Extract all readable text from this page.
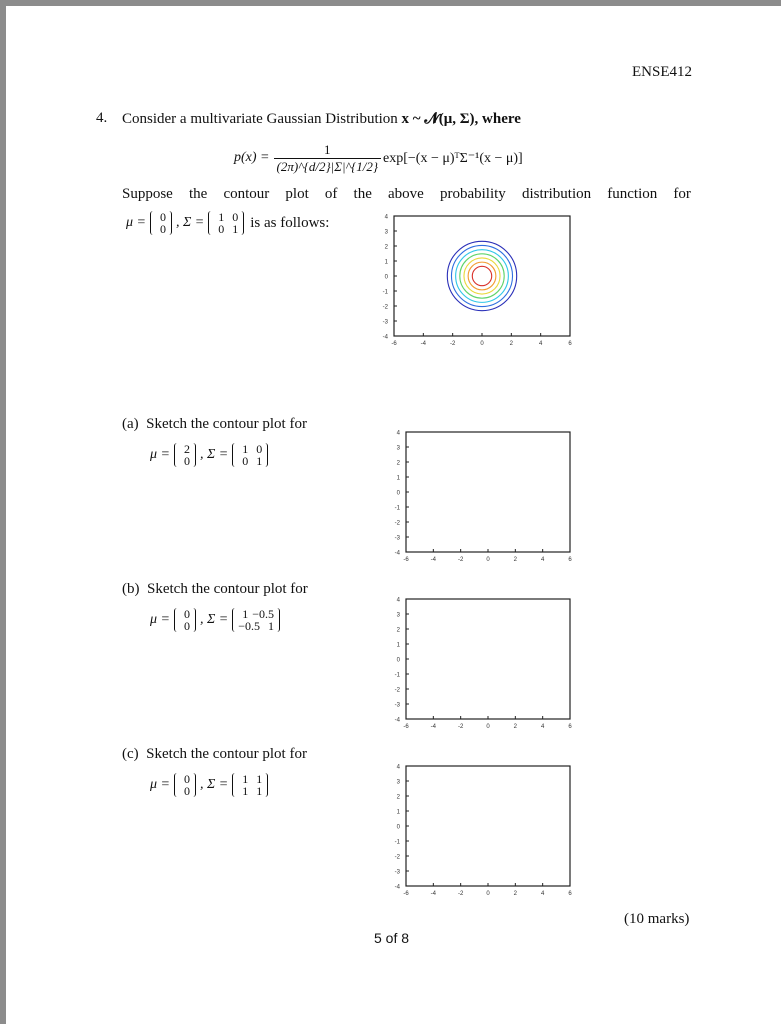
ENSE412
4. Consider a multivariate Gaussian Distribution x ~ 𝓝(μ, Σ), where
$p(x) = \frac{1}{(2\pi)\^{}\{d/2\}|\Sigma|\^{}\{1/2\}} \exp[-(x$ − μ)ᵀΣ⁻¹(x − μ)]
Suppose the contour plot of the above probability distribution function for
μ =	0
0 , Σ =	1 0
0 1 is as follows:
(a) Sketch the contour plot for
μ =	2
0 , Σ =	1 0
0 1
(b) Sketch the contour plot for
μ =	0
0 , Σ =	1 −0.5
−0.5 1
(c) Sketch the contour plot for
μ =	0
0 , Σ =	1 1
1 1
4
3
2
1
0
-1
-2
-3
-4
-6	-4	-2	0	2	4	6
4
3
2
1
0
-1
-2
-3
-4
-6	-4	-2	0	2	4	6
4
3
2
1
0
-1
-2
-3
-4
-6	-4	-2	0	2	4	6
4
3
2
1
0
-1
-2
-3
-4
-6	-4	-2	0	2	4	6
(10 marks)
5 of 8
